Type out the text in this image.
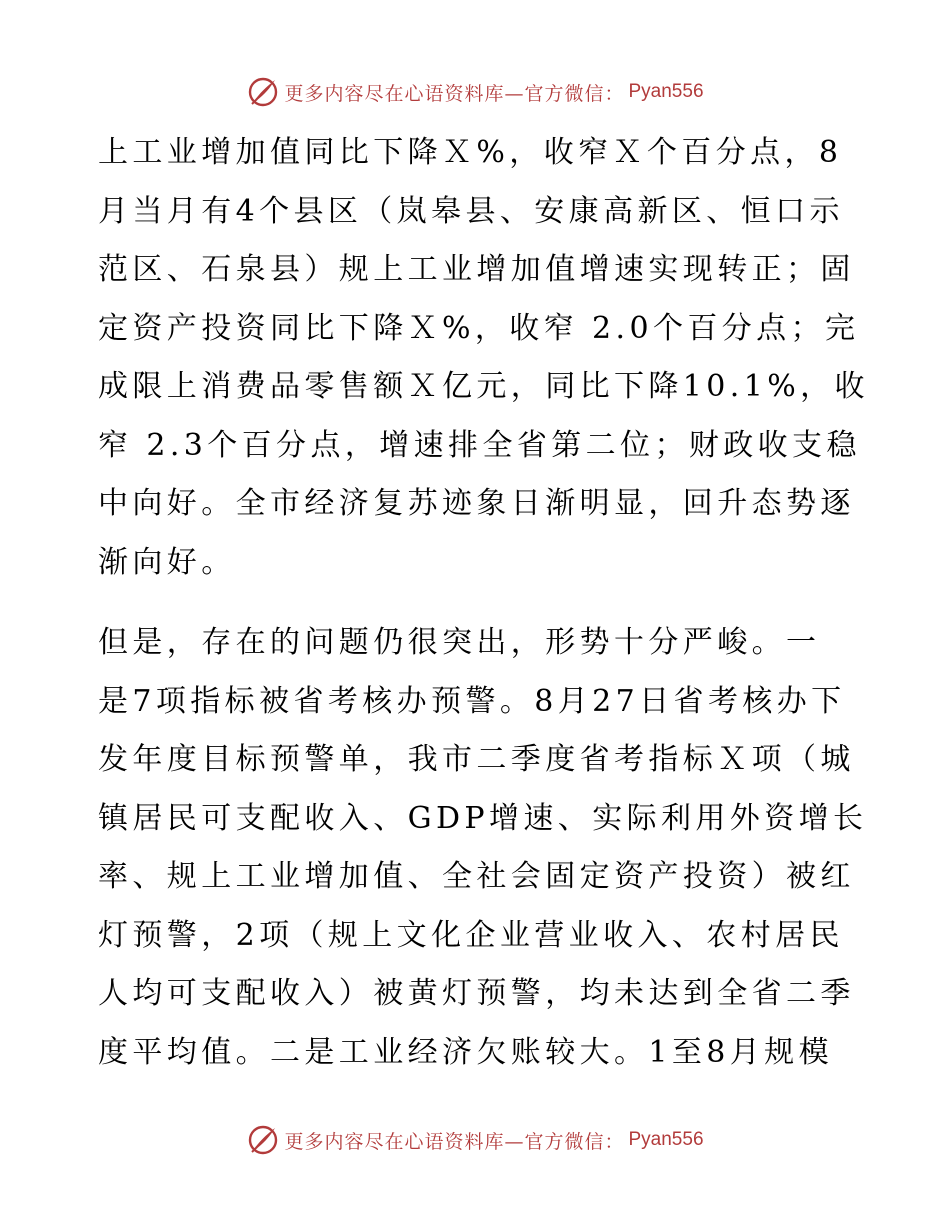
更多内容尽在心语资料库—官方微信： Pyan556
上工业增加值同比下降Ｘ%，收窄Ｘ个百分点，8
月当月有4个县区（岚皋县、安康高新区、恒口示
范区、石泉县）规上工业增加值增速实现转正；固
定资产投资同比下降Ｘ%，收窄 2.0个百分点；完
成限上消费品零售额Ｘ亿元，同比下降10.1%，收
窄 2.3个百分点，增速排全省第二位；财政收支稳
中向好。全市经济复苏迹象日渐明显，回升态势逐
渐向好。
但是，存在的问题仍很突出，形势十分严峻。一
是7项指标被省考核办预警。8月27日省考核办下
发年度目标预警单，我市二季度省考指标Ｘ项（城
镇居民可支配收入、GDP增速、实际利用外资增长
率、规上工业增加值、全社会固定资产投资）被红
灯预警，2项（规上文化企业营业收入、农村居民
人均可支配收入）被黄灯预警，均未达到全省二季
度平均值。二是工业经济欠账较大。1至8月规模
更多内容尽在心语资料库—官方微信： Pyan556
